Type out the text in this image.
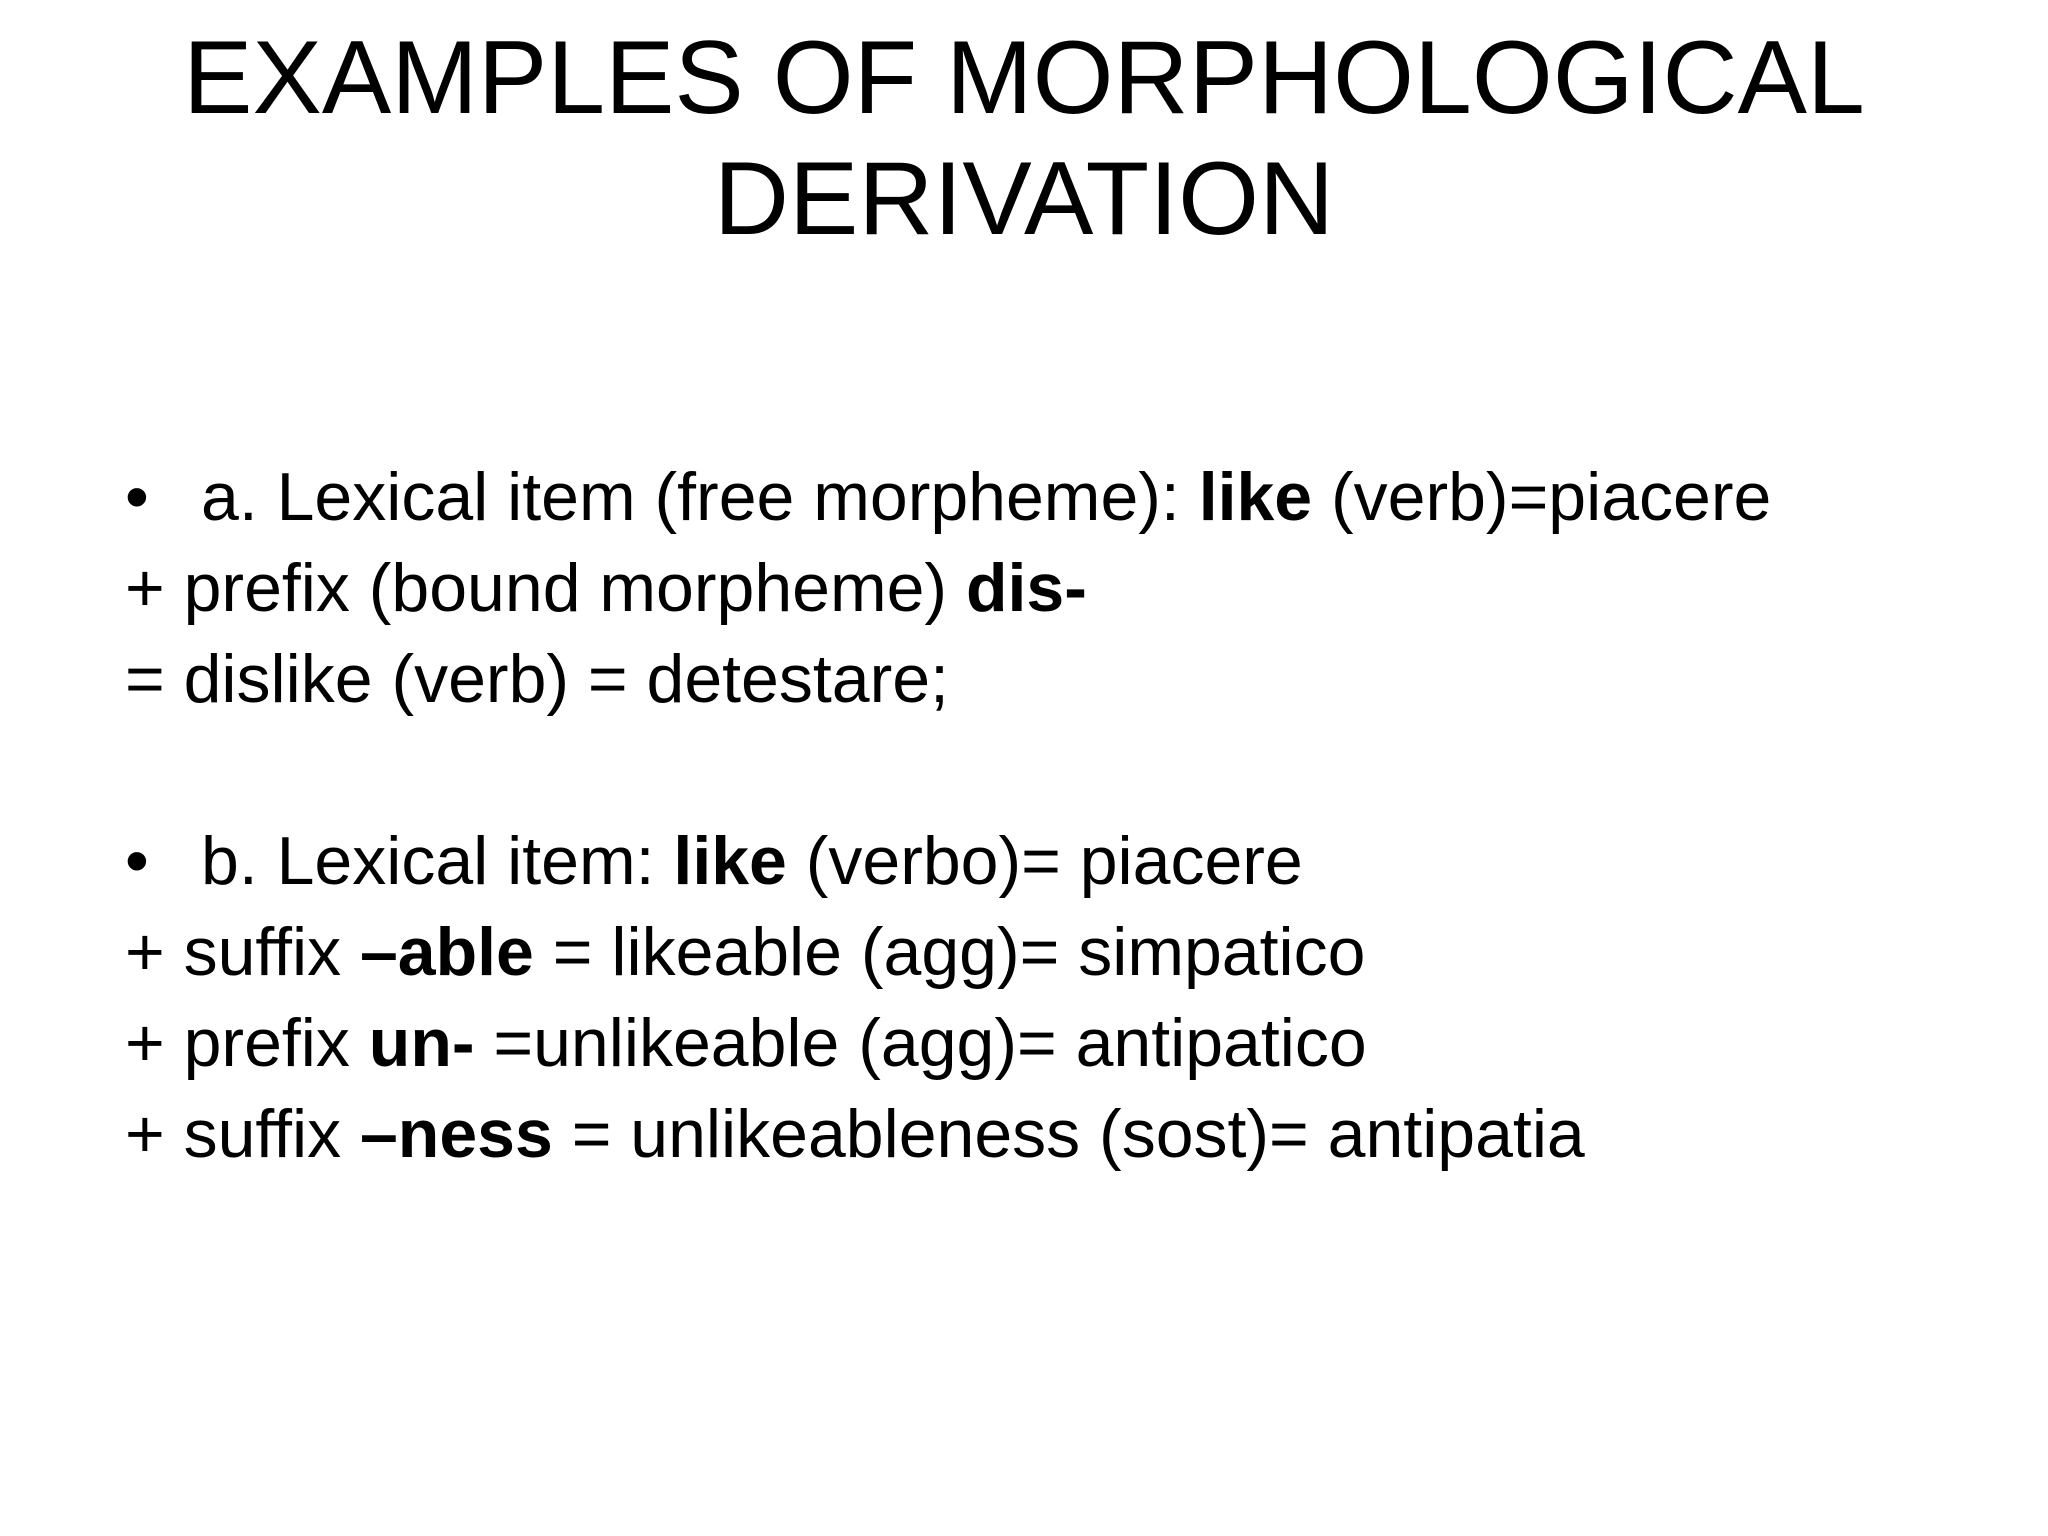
EXAMPLES OF MORPHOLOGICAL
DERIVATION
• a. Lexical item (free morpheme): like (verb)=piacere
+ prefix (bound morpheme) dis-
= dislike (verb) = detestare;
• b. Lexical item: like (verbo)= piacere
+ suffix –able = likeable (agg)= simpatico
+ prefix un- =unlikeable (agg)= antipatico
+ suffix –ness = unlikeableness (sost)= antipatia
